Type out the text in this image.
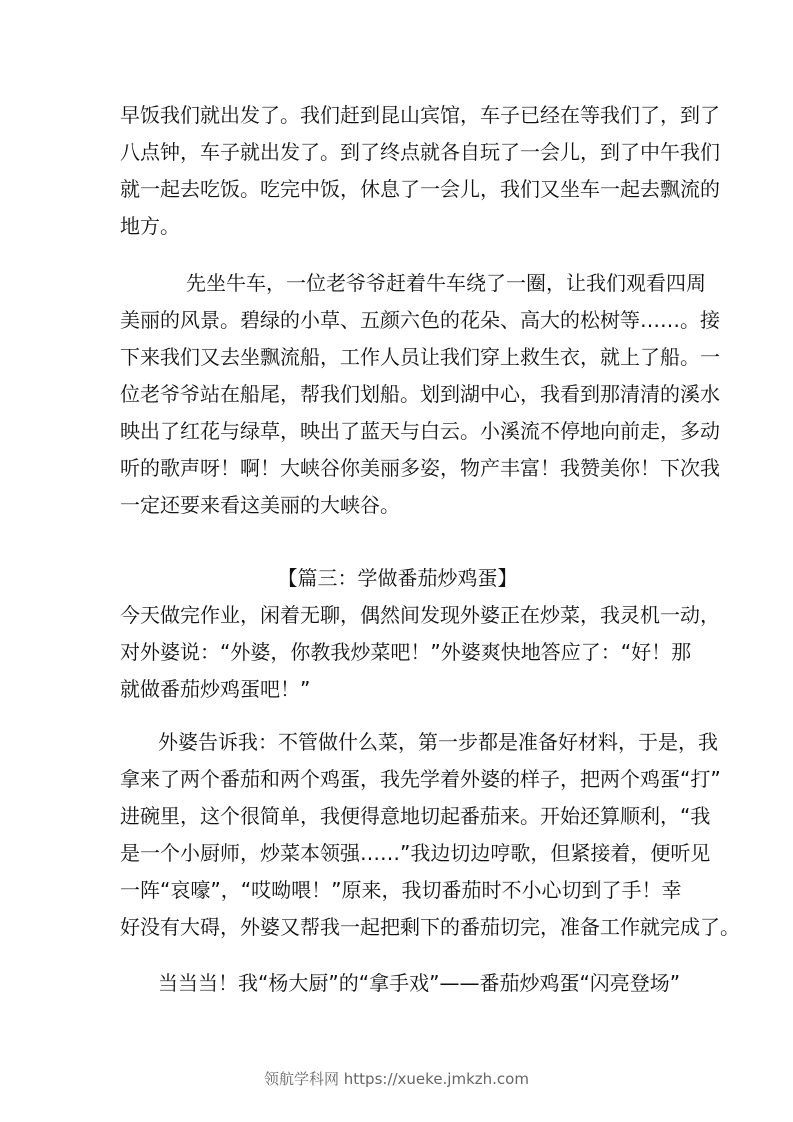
早饭我们就出发了。我们赶到昆山宾馆，车子已经在等我们了，到了
八点钟，车子就出发了。到了终点就各自玩了一会儿，到了中午我们
就一起去吃饭。吃完中饭，休息了一会儿，我们又坐车一起去飘流的
地方。
先坐牛车，一位老爷爷赶着牛车绕了一圈，让我们观看四周
美丽的风景。碧绿的小草、五颜六色的花朵、高大的松树等……。接
下来我们又去坐飘流船，工作人员让我们穿上救生衣，就上了船。一
位老爷爷站在船尾，帮我们划船。划到湖中心，我看到那清清的溪水
映出了红花与绿草，映出了蓝天与白云。小溪流不停地向前走，多动
听的歌声呀！啊！大峡谷你美丽多姿，物产丰富！我赞美你！下次我
一定还要来看这美丽的大峡谷。
今天做完作业，闲着无聊，偶然间发现外婆正在炒菜，我灵机一动，
对外婆说：“外婆，你教我炒菜吧！”外婆爽快地答应了：“好！那
就做番茄炒鸡蛋吧！”
外婆告诉我：不管做什么菜，第一步都是准备好材料，于是，我
拿来了两个番茄和两个鸡蛋，我先学着外婆的样子，把两个鸡蛋“打”
进碗里，这个很简单，我便得意地切起番茄来。开始还算顺利，“我
是一个小厨师，炒菜本领强……”我边切边哼歌，但紧接着，便听见
一阵“哀嚎”，“哎呦喂！”原来，我切番茄时不小心切到了手！幸
好没有大碍，外婆又帮我一起把剩下的番茄切完，准备工作就完成了。
当当当！我“杨大厨”的“拿手戏”——番茄炒鸡蛋“闪亮登场”
【篇三：学做番茄炒鸡蛋】
领航学科网 https://xueke.jmkzh.com
